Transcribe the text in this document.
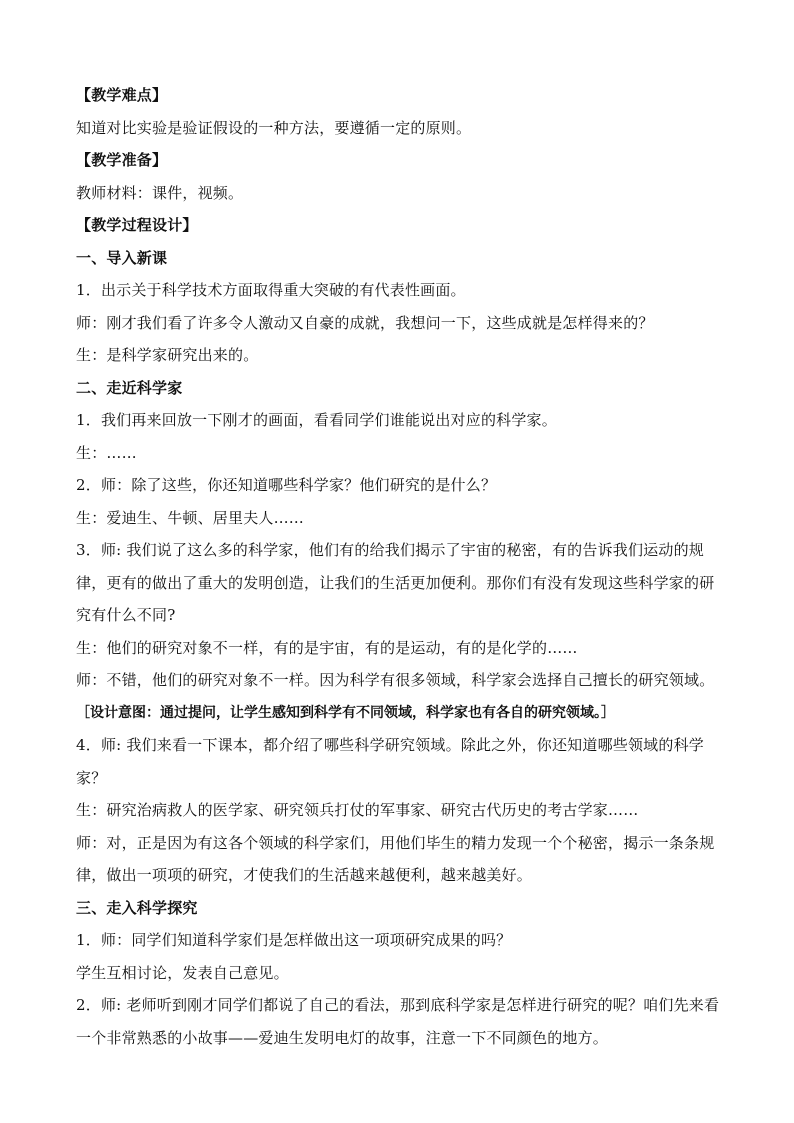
【教学难点】

知道对比实验是验证假设的一种方法，要遵循一定的原则。

【教学准备】

教师材料：课件，视频。

【教学过程设计】

一、导入新课

1．出示关于科学技术方面取得重大突破的有代表性画面。

师：刚才我们看了许多令人激动又自豪的成就，我想问一下，这些成就是怎样得来的？

生：是科学家研究出来的。

二、走近科学家

1．我们再来回放一下刚才的画面，看看同学们谁能说出对应的科学家。

生：……

2．师：除了这些，你还知道哪些科学家？他们研究的是什么？

生：爱迪生、牛顿、居里夫人……

3．师: 我们说了这么多的科学家，他们有的给我们揭示了宇宙的秘密，有的告诉我们运动的规律，更有的做出了重大的发明创造，让我们的生活更加便利。那你们有没有发现这些科学家的研究有什么不同?

生：他们的研究对象不一样，有的是宇宙，有的是运动，有的是化学的……

师：不错，他们的研究对象不一样。因为科学有很多领域，科学家会选择自己擅长的研究领域。

［设计意图：通过提问，让学生感知到科学有不同领域，科学家也有各自的研究领域。］

4．师: 我们来看一下课本，都介绍了哪些科学研究领域。除此之外，你还知道哪些领域的科学家？

生：研究治病救人的医学家、研究领兵打仗的军事家、研究古代历史的考古学家……

师：对，正是因为有这各个领域的科学家们，用他们毕生的精力发现一个个秘密，揭示一条条规律，做出一项项的研究，才使我们的生活越来越便利，越来越美好。

三、走入科学探究

1．师：同学们知道科学家们是怎样做出这一项项研究成果的吗？

学生互相讨论，发表自己意见。

2．师: 老师听到刚才同学们都说了自己的看法，那到底科学家是怎样进行研究的呢？咱们先来看一个非常熟悉的小故事——爱迪生发明电灯的故事，注意一下不同颜色的地方。
